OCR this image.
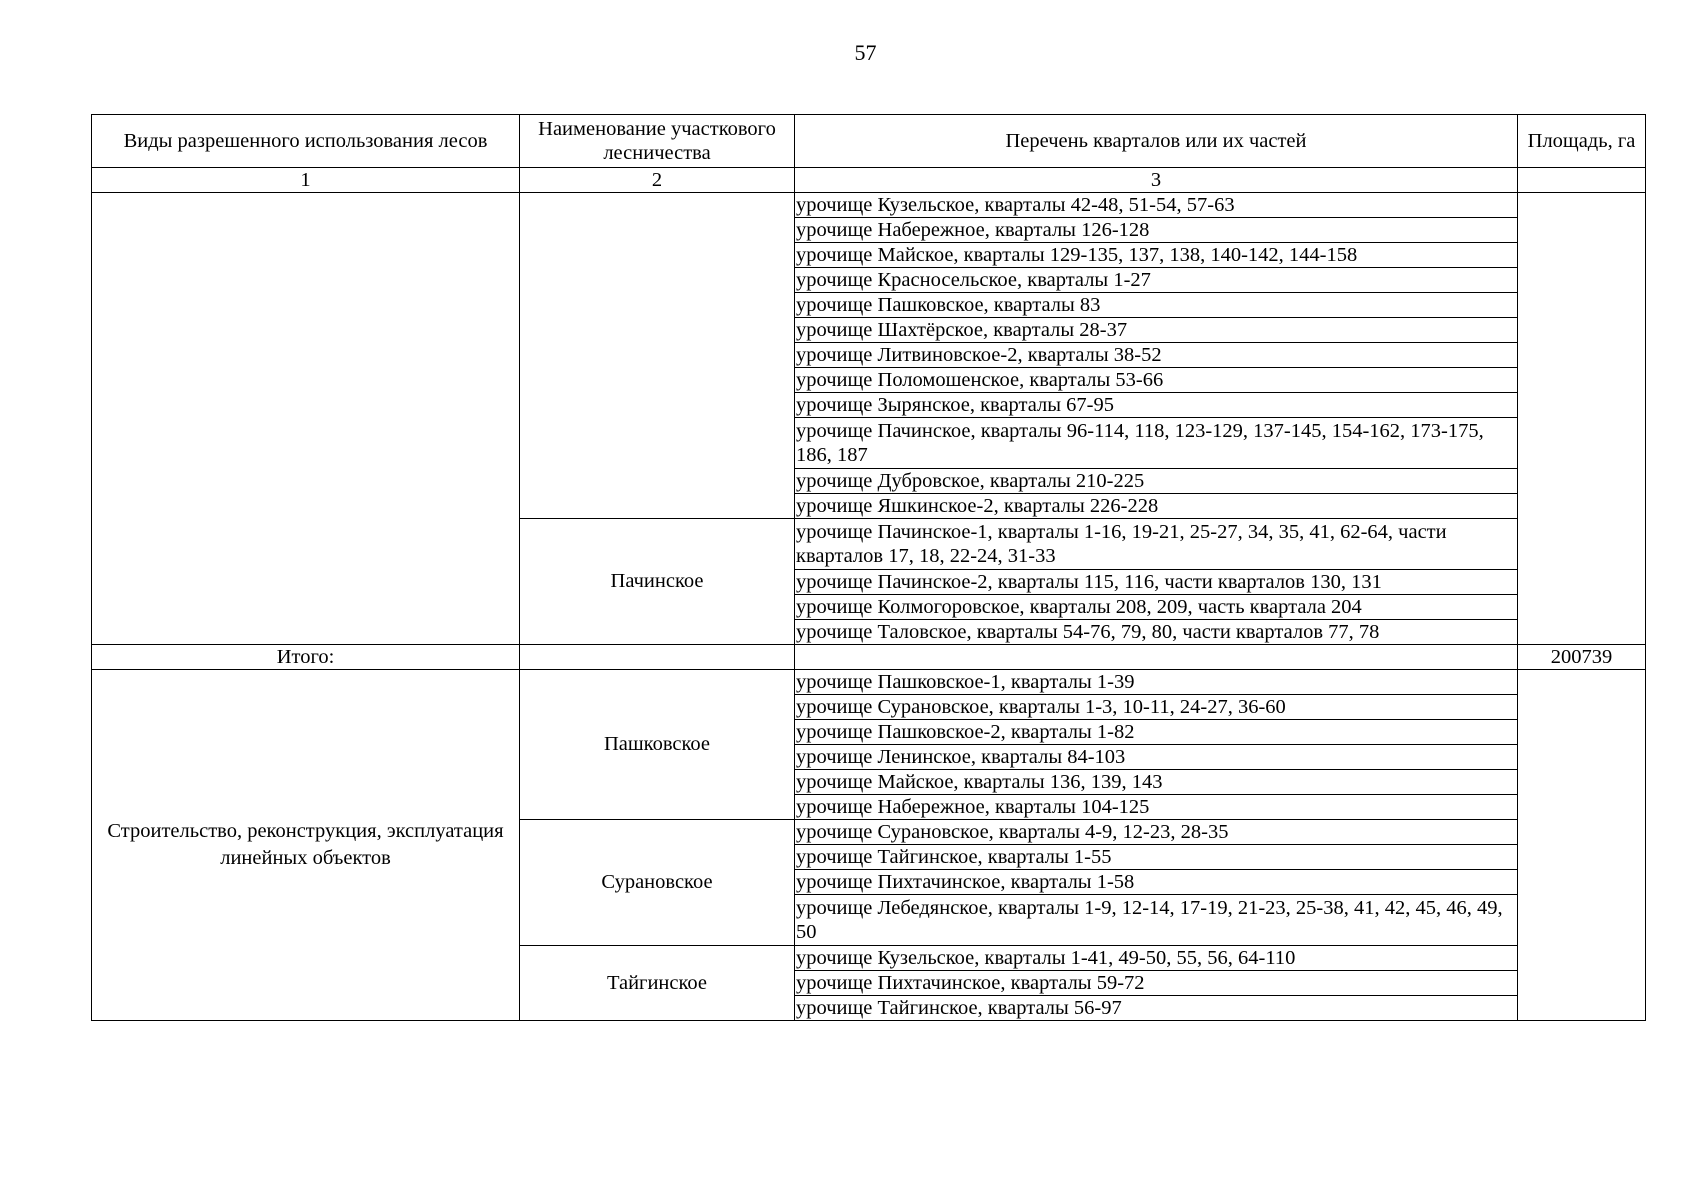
57
Виды разрешенного использования лесов	Наименование участкового лесничества	Перечень кварталов или их частей	Площадь, га
1	2	3	
		урочище Кузельское, кварталы 42-48, 51-54, 57-63	
		урочище Набережное, кварталы 126-128	
		урочище Майское, кварталы 129-135, 137, 138, 140-142, 144-158	
		урочище Красносельское, кварталы 1-27	
		урочище Пашковское, кварталы 83	
		урочище Шахтёрское, кварталы 28-37	
		урочище Литвиновское-2, кварталы 38-52	
		урочище Поломошенское, кварталы 53-66	
		урочище Зырянское, кварталы 67-95	
		урочище Пачинское, кварталы 96-114, 118, 123-129, 137-145, 154-162, 173-175, 186, 187	
		урочище Дубровское, кварталы 210-225	
		урочище Яшкинское-2, кварталы 226-228	
	Пачинское	урочище Пачинское-1, кварталы 1-16, 19-21, 25-27, 34, 35, 41, 62-64, части кварталов 17, 18, 22-24, 31-33	
		урочище Пачинское-2, кварталы 115, 116, части кварталов 130, 131	
		урочище Колмогоровское, кварталы 208, 209, часть квартала 204	
		урочище Таловское, кварталы 54-76, 79, 80, части кварталов 77, 78	
Итого:			200739
Строительство, реконструкция, эксплуатация линейных объектов	Пашковское	урочище Пашковское-1, кварталы 1-39	
		урочище Сурановское, кварталы 1-3, 10-11, 24-27, 36-60	
		урочище Пашковское-2, кварталы 1-82	
		урочище Ленинское, кварталы 84-103	
		урочище Майское, кварталы 136, 139, 143	
		урочище Набережное, кварталы 104-125	
	Сурановское	урочище Сурановское, кварталы 4-9, 12-23, 28-35	
		урочище Тайгинское, кварталы 1-55	
		урочище Пихтачинское, кварталы 1-58	
		урочище Лебедянское, кварталы 1-9, 12-14, 17-19, 21-23, 25-38, 41, 42, 45, 46, 49, 50	
	Тайгинское	урочище Кузельское, кварталы 1-41, 49-50, 55, 56, 64-110	
		урочище Пихтачинское, кварталы 59-72	
		урочище Тайгинское, кварталы 56-97	
